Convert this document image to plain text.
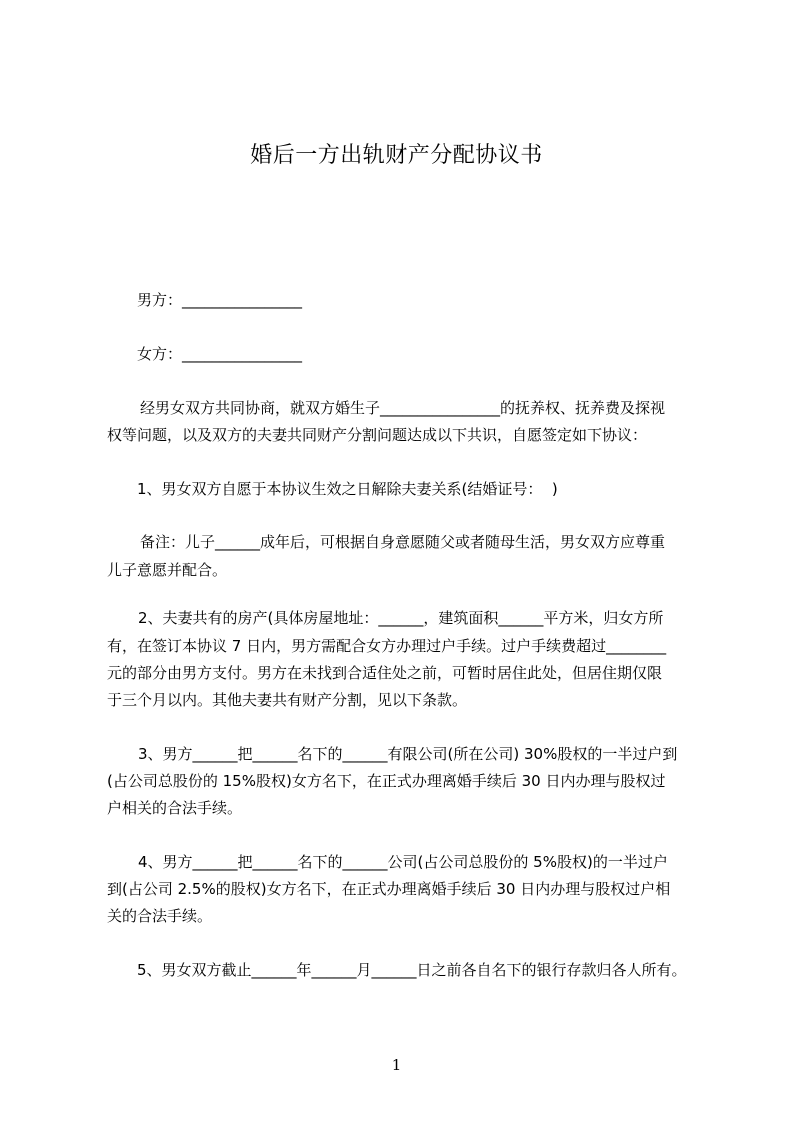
婚后一方出轨财产分配协议书
男方：________________
女方：________________
经男女双方共同协商，就双方婚生子________________的抚养权、抚养费及探视
权等问题，以及双方的夫妻共同财产分割问题达成以下共识，自愿签定如下协议：
1、男女双方自愿于本协议生效之日解除夫妻关系(结婚证号：  )
备注：儿子______成年后，可根据自身意愿随父或者随母生活，男女双方应尊重
儿子意愿并配合。
2、夫妻共有的房产(具体房屋地址：______，建筑面积______平方米，归女方所
有，在签订本协议 7 日内，男方需配合女方办理过户手续。过户手续费超过________
元的部分由男方支付。男方在未找到合适住处之前，可暂时居住此处，但居住期仅限
于三个月以内。其他夫妻共有财产分割，见以下条款。
3、男方______把______名下的______有限公司(所在公司) 30%股权的一半过户到
(占公司总股份的 15%股权)女方名下，在正式办理离婚手续后 30 日内办理与股权过
户相关的合法手续。
4、男方______把______名下的______公司(占公司总股份的 5%股权)的一半过户
到(占公司 2.5%的股权)女方名下，在正式办理离婚手续后 30 日内办理与股权过户相
关的合法手续。
5、男女双方截止______年______月______日之前各自名下的银行存款归各人所有。
1
